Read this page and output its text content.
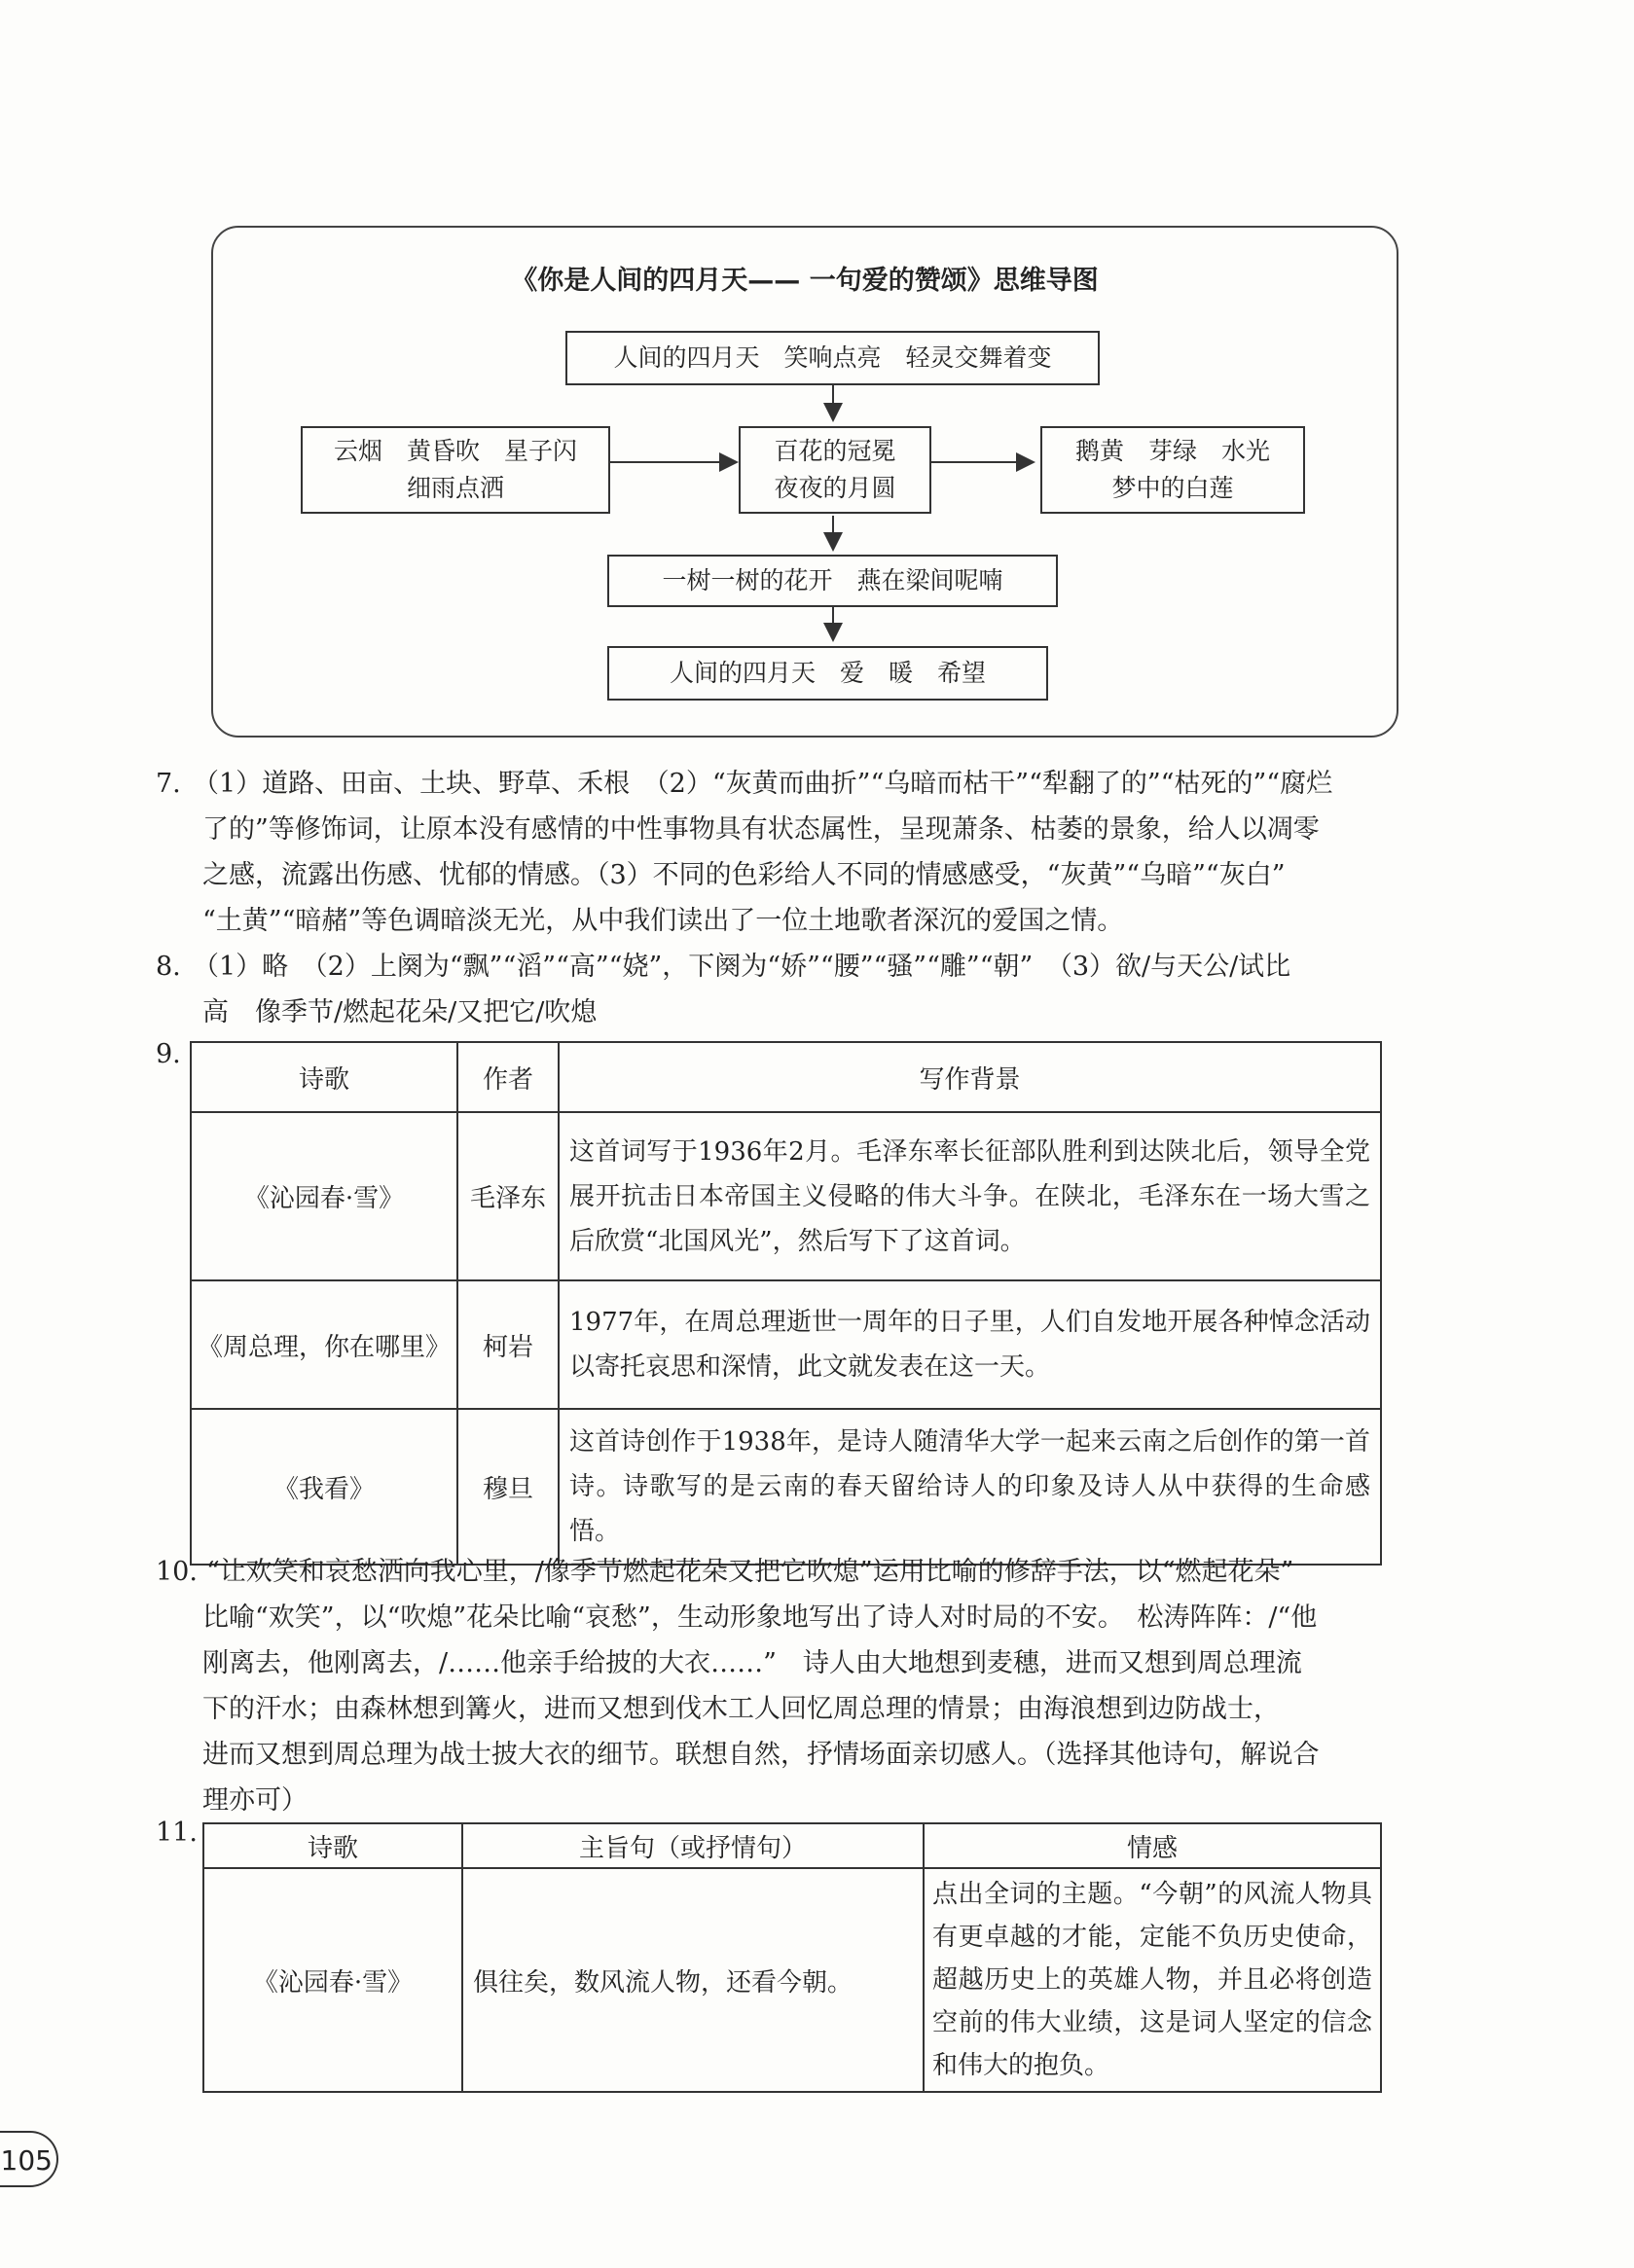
《你是人间的四月天—— 一句爱的赞颂》思维导图
人间的四月天　笑响点亮　轻灵交舞着变
云烟　黄昏吹　星子闪
细雨点洒
百花的冠冕
夜夜的月圆
鹅黄　芽绿　水光
梦中的白莲
一树一树的花开　燕在梁间呢喃
人间的四月天　爱　暖　希望
7. （1）道路、田亩、土块、野草、禾根　（2）“灰黄而曲折”“乌暗而枯干”“犁翻了的”“枯死的”“腐烂
了的”等修饰词，让原本没有感情的中性事物具有状态属性，呈现萧条、枯萎的景象，给人以凋零
之感，流露出伤感、忧郁的情感。（3）不同的色彩给人不同的情感感受，“灰黄”“乌暗”“灰白”
“土黄”“暗赭”等色调暗淡无光，从中我们读出了一位土地歌者深沉的爱国之情。
8. （1）略　（2）上阕为“飘”“滔”“高”“娆”，下阕为“娇”“腰”“骚”“雕”“朝”　（3）欲/与天公/试比
高　像季节/燃起花朵/又把它/吹熄
9.
诗歌	作者	写作背景
《沁园春·雪》	毛泽东	这首词写于1936年2月。毛泽东率长征部队胜利到达陕北后，领导全党展开抗击日本帝国主义侵略的伟大斗争。在陕北，毛泽东在一场大雪之后欣赏“北国风光”，然后写下了这首词。
《周总理，你在哪里》	柯岩	1977年，在周总理逝世一周年的日子里，人们自发地开展各种悼念活动以寄托哀思和深情，此文就发表在这一天。
《我看》	穆旦	这首诗创作于1938年，是诗人随清华大学一起来云南之后创作的第一首诗。诗歌写的是云南的春天留给诗人的印象及诗人从中获得的生命感悟。
10. “让欢笑和哀愁洒向我心里，/像季节燃起花朵又把它吹熄”运用比喻的修辞手法，以“燃起花朵”
比喻“欢笑”，以“吹熄”花朵比喻“哀愁”，生动形象地写出了诗人对时局的不安。　松涛阵阵：/“他
刚离去，他刚离去，/……他亲手给披的大衣……”　诗人由大地想到麦穗，进而又想到周总理流
下的汗水；由森林想到篝火，进而又想到伐木工人回忆周总理的情景；由海浪想到边防战士，
进而又想到周总理为战士披大衣的细节。联想自然，抒情场面亲切感人。（选择其他诗句，解说合
理亦可）
11.
诗歌	主旨句（或抒情句）	情感
《沁园春·雪》	俱往矣，数风流人物，还看今朝。	点出全词的主题。“今朝”的风流人物具有更卓越的才能，定能不负历史使命，超越历史上的英雄人物，并且必将创造空前的伟大业绩，这是词人坚定的信念和伟大的抱负。
105
